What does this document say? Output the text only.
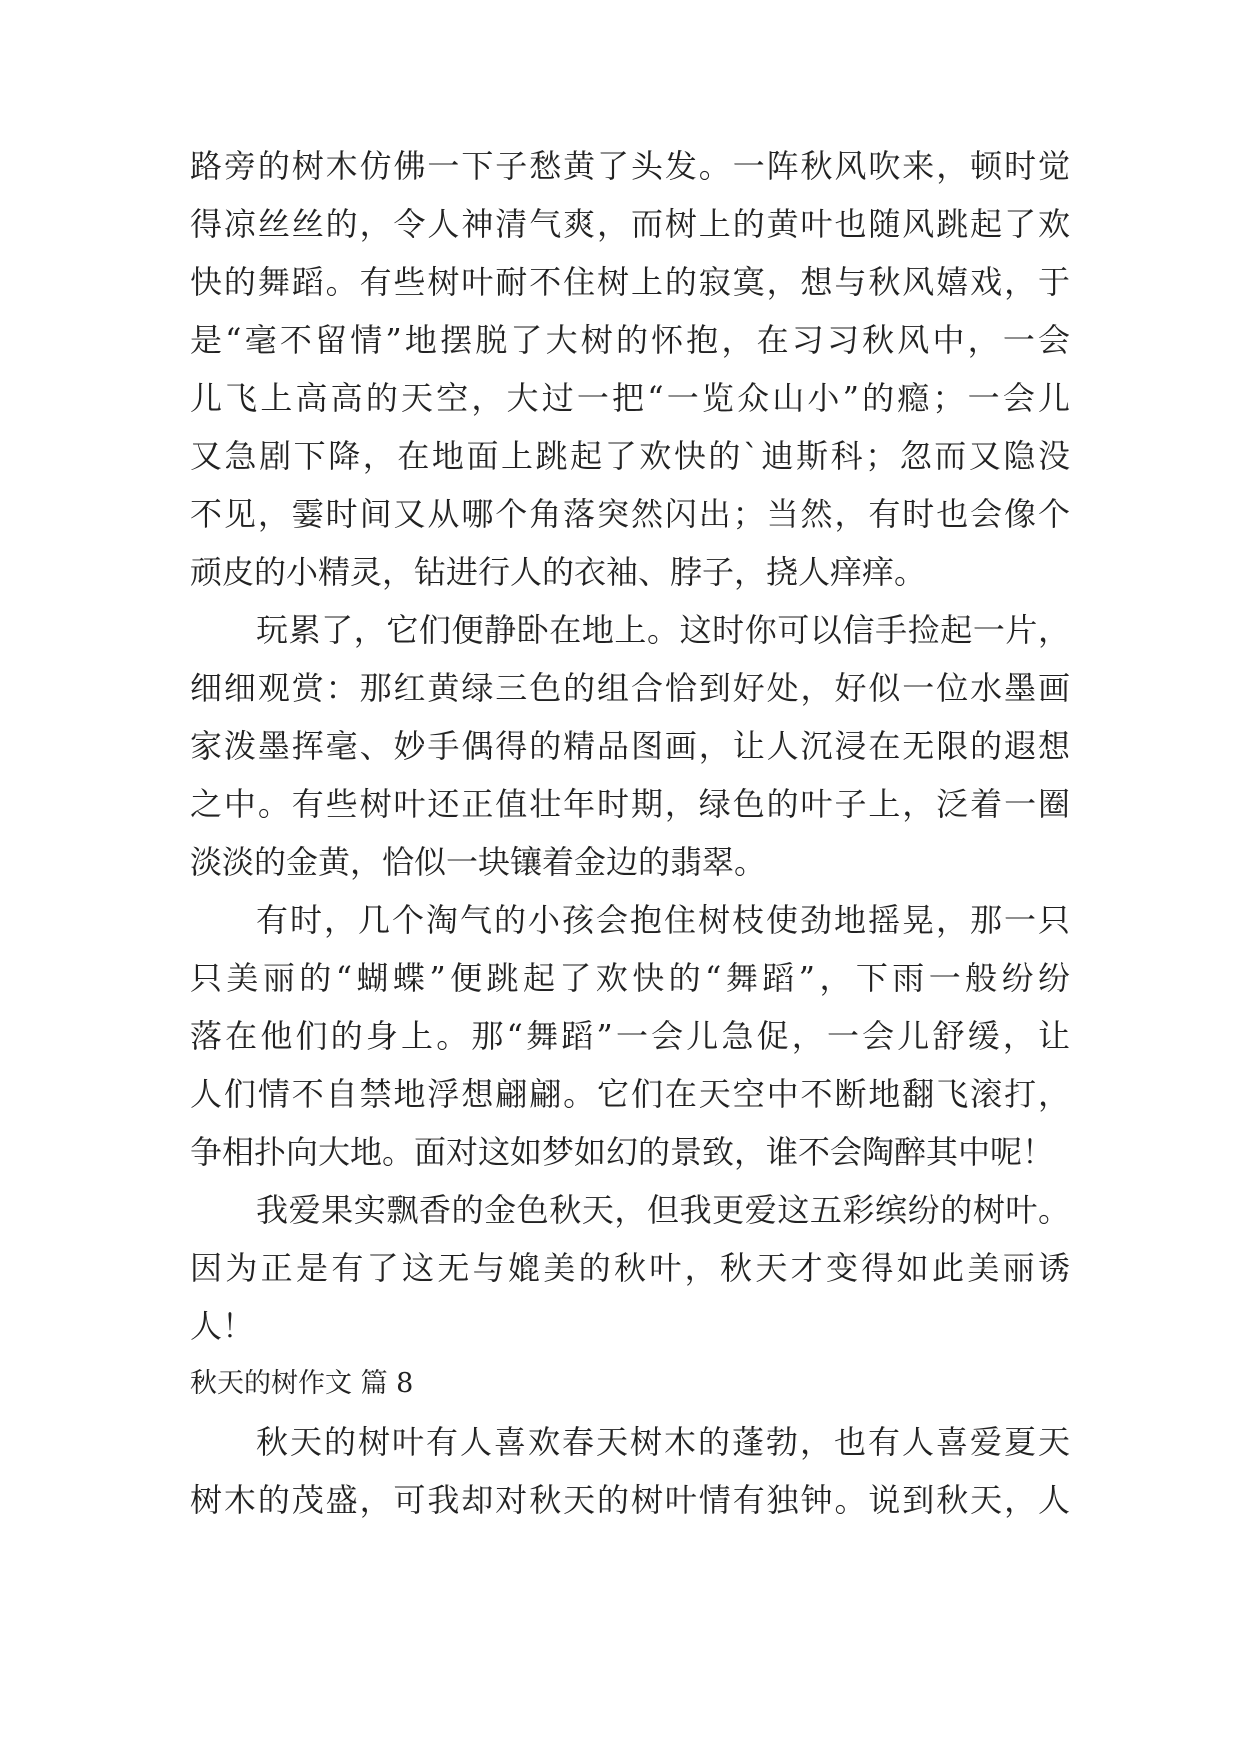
路旁的树木仿佛一下子愁黄了头发。一阵秋风吹来，顿时觉
得凉丝丝的，令人神清气爽，而树上的黄叶也随风跳起了欢
快的舞蹈。有些树叶耐不住树上的寂寞，想与秋风嬉戏，于
是“毫不留情”地摆脱了大树的怀抱，在习习秋风中，一会
儿飞上高高的天空，大过一把“一览众山小”的瘾；一会儿
又急剧下降，在地面上跳起了欢快的`迪斯科；忽而又隐没
不见，霎时间又从哪个角落突然闪出；当然，有时也会像个
顽皮的小精灵，钻进行人的衣袖、脖子，挠人痒痒。
玩累了，它们便静卧在地上。这时你可以信手捡起一片，
细细观赏：那红黄绿三色的组合恰到好处，好似一位水墨画
家泼墨挥毫、妙手偶得的精品图画，让人沉浸在无限的遐想
之中。有些树叶还正值壮年时期，绿色的叶子上，泛着一圈
淡淡的金黄，恰似一块镶着金边的翡翠。
有时，几个淘气的小孩会抱住树枝使劲地摇晃，那一只
只美丽的“蝴蝶”便跳起了欢快的“舞蹈”，下雨一般纷纷
落在他们的身上。那“舞蹈”一会儿急促，一会儿舒缓，让
人们情不自禁地浮想翩翩。它们在天空中不断地翻飞滚打，
争相扑向大地。面对这如梦如幻的景致，谁不会陶醉其中呢！
我爱果实飘香的金色秋天，但我更爱这五彩缤纷的树叶。
因为正是有了这无与媲美的秋叶，秋天才变得如此美丽诱
人！
秋天的树作文 篇 8
秋天的树叶有人喜欢春天树木的蓬勃，也有人喜爱夏天
树木的茂盛，可我却对秋天的树叶情有独钟。说到秋天，人
